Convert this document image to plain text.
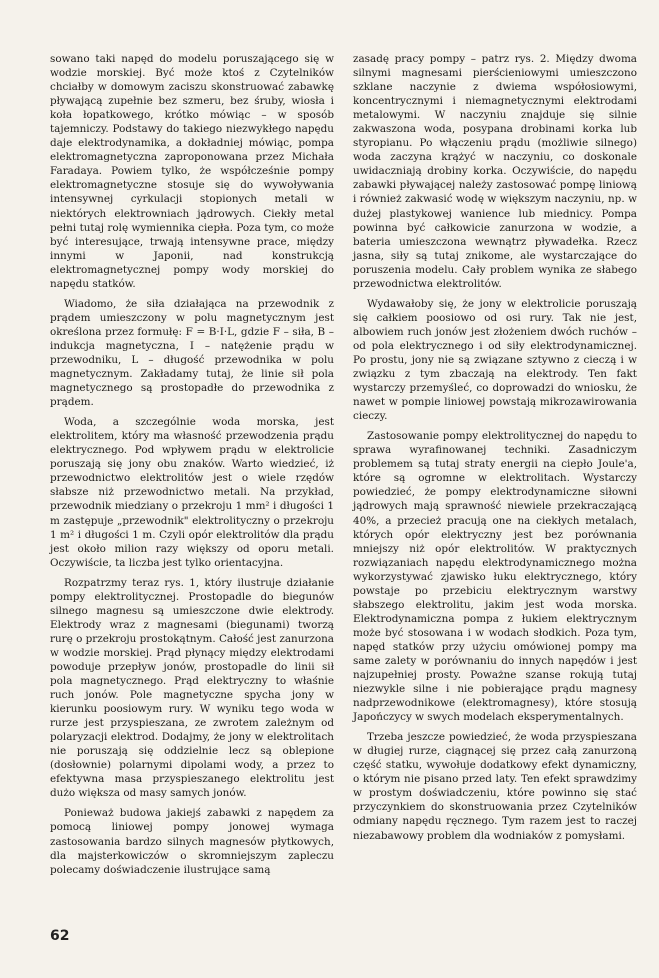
sowano taki napęd do modelu poruszającego się w wodzie morskiej. Być może ktoś z Czytelników chciałby w domowym zaciszu skonstruować zabawkę pływającą zupełnie bez szmeru, bez śruby, wiosła i koła łopatkowego, krótko mówiąc – w sposób tajemniczy. Podstawy do takiego niezwykłego napędu daje elektrodynamika, a dokładniej mówiąc, pompa elektromagnetyczna zaproponowana przez Michała Faradaya. Powiem tylko, że współcześnie pompy elektromagnetyczne stosuje się do wywoływania intensywnej cyrkulacji stopionych metali w niektórych elektrowniach jądrowych. Ciekły metal pełni tutaj rolę wymiennika ciepła. Poza tym, co może być interesujące, trwają intensywne prace, między innymi w Japonii, nad konstrukcją elektromagnetycznej pompy wody morskiej do napędu statków.

Wiadomo, że siła działająca na przewodnik z prądem umieszczony w polu magnetycznym jest określona przez formułę: F = B·I·L, gdzie F – siła, B – indukcja magnetyczna, I – natężenie prądu w przewodniku, L – długość przewodnika w polu magnetycznym. Zakładamy tutaj, że linie sił pola magnetycznego są prostopadłe do przewodnika z prądem.

Woda, a szczególnie woda morska, jest elektrolitem, który ma własność przewodzenia prądu elektrycznego. Pod wpływem prądu w elektrolicie poruszają się jony obu znaków. Warto wiedzieć, iż przewodnictwo elektrolitów jest o wiele rzędów słabsze niż przewodnictwo metali. Na przykład, przewodnik miedziany o przekroju 1 mm² i długości 1 m zastępuje „przewodnik" elektrolityczny o przekroju 1 m² i długości 1 m. Czyli opór elektrolitów dla prądu jest około milion razy większy od oporu metali. Oczywiście, ta liczba jest tylko orientacyjna.

Rozpatrzmy teraz rys. 1, który ilustruje działanie pompy elektrolitycznej. Prostopadle do biegunów silnego magnesu są umieszczone dwie elektrody. Elektrody wraz z magnesami (biegunami) tworzą rurę o przekroju prostokątnym. Całość jest zanurzona w wodzie morskiej. Prąd płynący między elektrodami powoduje przepływ jonów, prostopadle do linii sił pola magnetycznego. Prąd elektryczny to właśnie ruch jonów. Pole magnetyczne spycha jony w kierunku poosiowym rury. W wyniku tego woda w rurze jest przyspieszana, ze zwrotem zależnym od polaryzacji elektrod. Dodajmy, że jony w elektrolitach nie poruszają się oddzielnie lecz są oblepione (dosłownie) polarnymi dipolami wody, a przez to efektywna masa przyspieszanego elektrolitu jest dużo większa od masy samych jonów.

Ponieważ budowa jakiejś zabawki z napędem za pomocą liniowej pompy jonowej wymaga zastosowania bardzo silnych magnesów płytkowych, dla majsterkowiczów o skromniejszym zapleczu polecamy doświadczenie ilustrujące samą

zasadę pracy pompy – patrz rys. 2. Między dwoma silnymi magnesami pierścieniowymi umieszczono szklane naczynie z dwiema współosiowymi, koncentrycznymi i niemagnetycznymi elektrodami metalowymi. W naczyniu znajduje się silnie zakwaszona woda, posypana drobinami korka lub styropianu. Po włączeniu prądu (możliwie silnego) woda zaczyna krążyć w naczyniu, co doskonale uwidaczniają drobiny korka. Oczywiście, do napędu zabawki pływającej należy zastosować pompę liniową i również zakwasić wodę w większym naczyniu, np. w dużej plastykowej wanience lub miednicy. Pompa powinna być całkowicie zanurzona w wodzie, a bateria umieszczona wewnątrz pływadełka. Rzecz jasna, siły są tutaj znikome, ale wystarczające do poruszenia modelu. Cały problem wynika ze słabego przewodnictwa elektrolitów.

Wydawałoby się, że jony w elektrolicie poruszają się całkiem poosiowo od osi rury. Tak nie jest, albowiem ruch jonów jest złożeniem dwóch ruchów – od pola elektrycznego i od siły elektrodynamicznej. Po prostu, jony nie są związane sztywno z cieczą i w związku z tym zbaczają na elektrody. Ten fakt wystarczy przemyśleć, co doprowadzi do wniosku, że nawet w pompie liniowej powstają mikrozawirowania cieczy.

Zastosowanie pompy elektrolitycznej do napędu to sprawa wyrafinowanej techniki. Zasadniczym problemem są tutaj straty energii na ciepło Joule'a, które są ogromne w elektrolitach. Wystarczy powiedzieć, że pompy elektrodynamiczne siłowni jądrowych mają sprawność niewiele przekraczającą 40%, a przecież pracują one na ciekłych metalach, których opór elektryczny jest bez porównania mniejszy niż opór elektrolitów. W praktycznych rozwiązaniach napędu elektrodynamicznego można wykorzystywać zjawisko łuku elektrycznego, który powstaje po przebiciu elektrycznym warstwy słabszego elektrolitu, jakim jest woda morska. Elektrodynamiczna pompa z łukiem elektrycznym może być stosowana i w wodach słodkich. Poza tym, napęd statków przy użyciu omówionej pompy ma same zalety w porównaniu do innych napędów i jest najzupełniej prosty. Poważne szanse rokują tutaj niezwykle silne i nie pobierające prądu magnesy nadprzewodnikowe (elektromagnesy), które stosują Japończycy w swych modelach eksperymentalnych.

Trzeba jeszcze powiedzieć, że woda przyspieszana w długiej rurze, ciągnącej się przez całą zanurzoną część statku, wywołuje dodatkowy efekt dynamiczny, o którym nie pisano przed laty. Ten efekt sprawdzimy w prostym doświadczeniu, które powinno się stać przyczynkiem do skonstruowania przez Czytelników odmiany napędu ręcznego. Tym razem jest to raczej niezabawowy problem dla wodniaków z pomysłami.

62
